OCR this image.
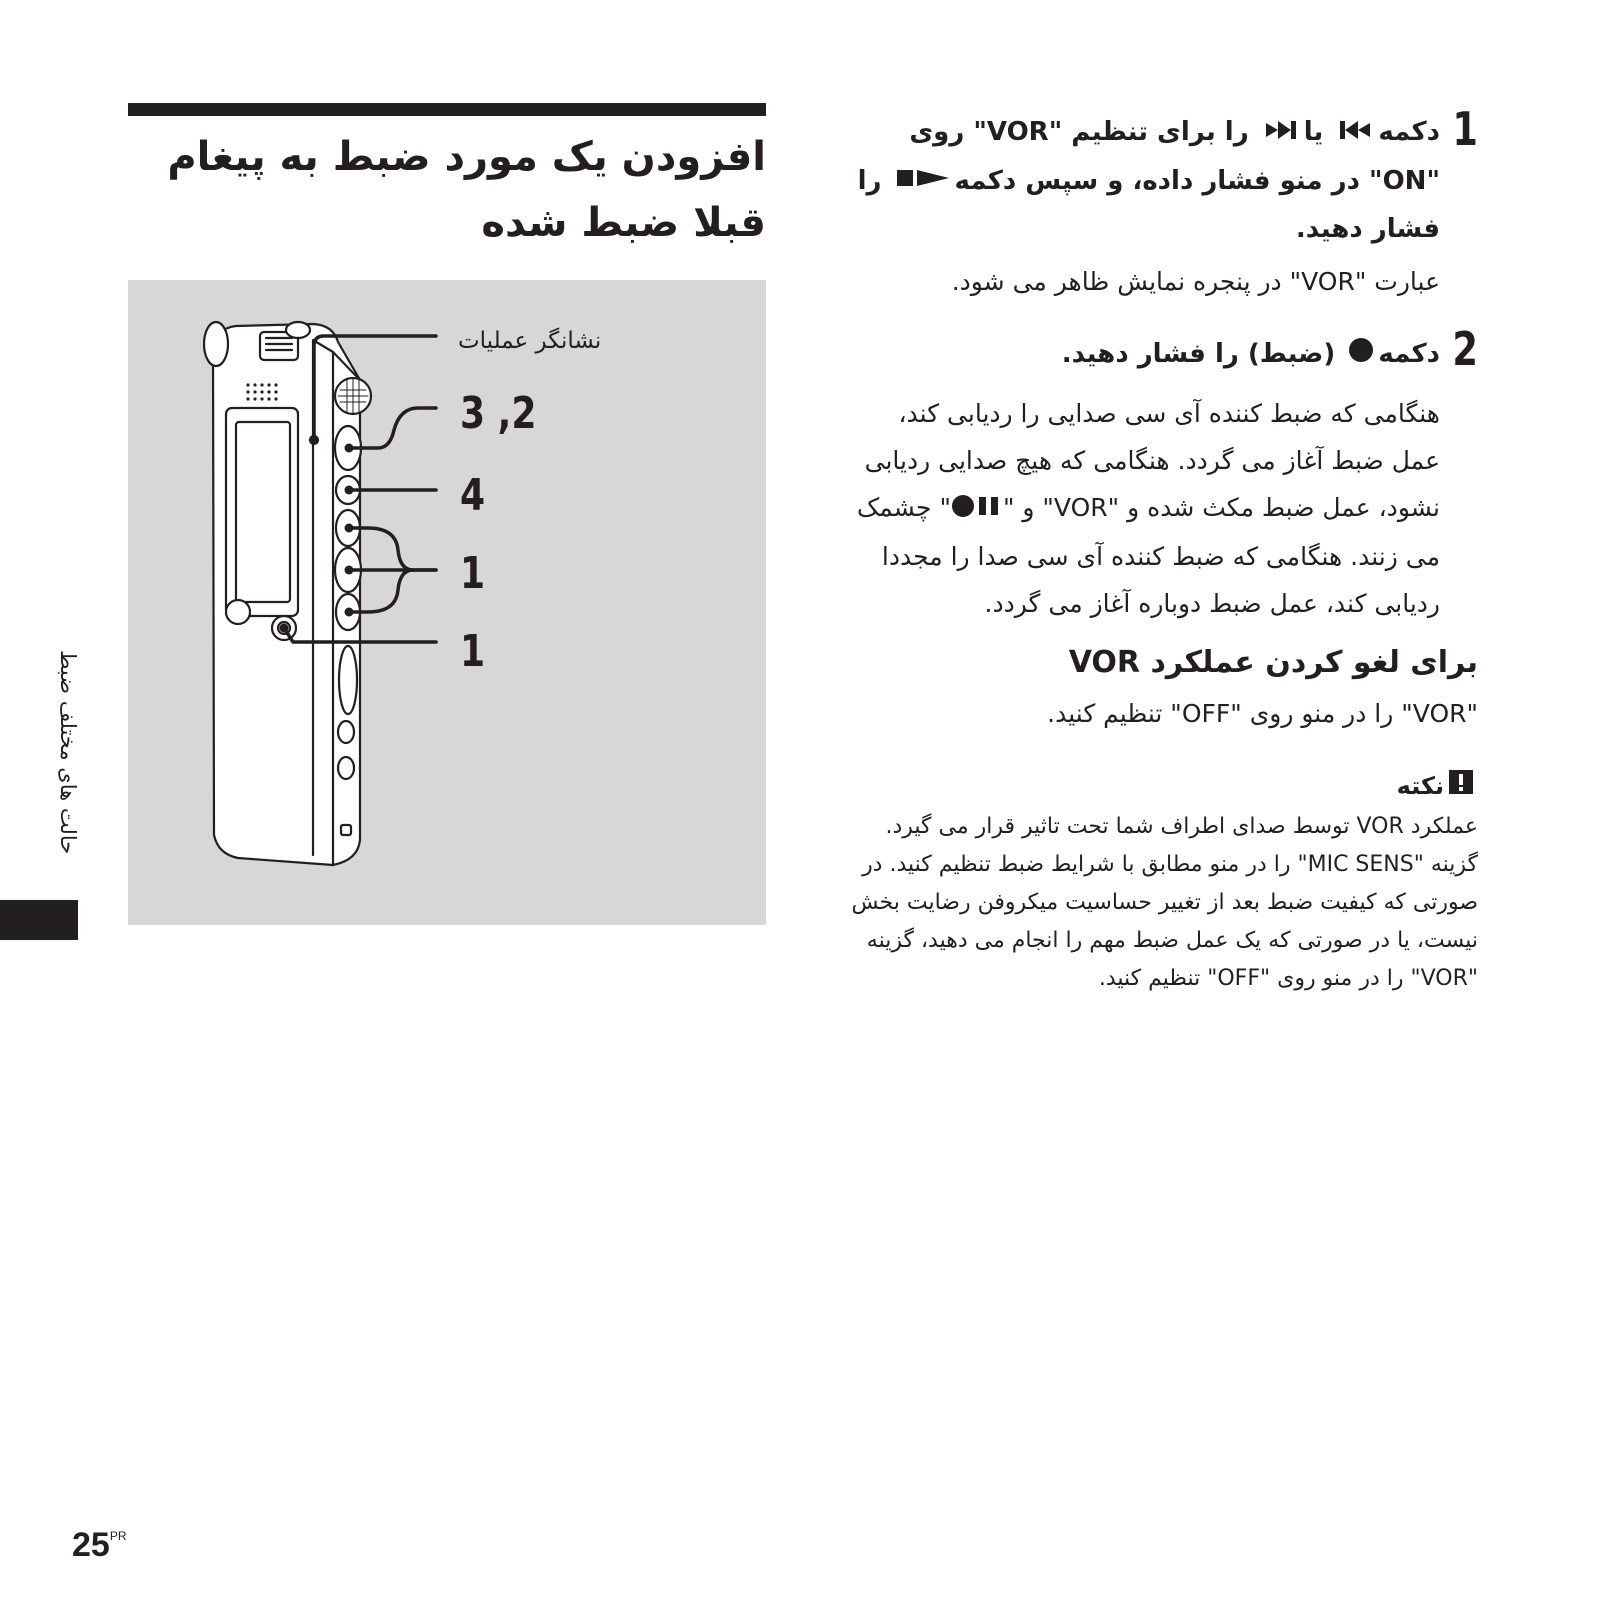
افزودن یک مورد ضبط به پیغام قبلا ضبط شده
نشانگر عملیات
3 ,2
4
1
1
حالت های مختلف ضبط
1

دکمه یا را برای تنظیم "VOR" روی "ON" در منو فشار داده، و سپس دکمه را فشار دهید.

عبارت "VOR" در پنجره نمایش ظاهر می شود.

2

دکمه (ضبط) را فشار دهید.

هنگامی که ضبط کننده آی سی صدایی را ردیابی کند، عمل ضبط آغاز می گردد. هنگامی که هیچ صدایی ردیابی نشود، عمل ضبط مکث شده و "VOR" و "" چشمک می زنند. هنگامی که ضبط کننده آی سی صدا را مجددا ردیابی کند، عمل ضبط دوباره آغاز می گردد.

برای لغو کردن عملکرد VOR

"VOR" را در منو روی "OFF" تنظیم کنید.

نکته

عملکرد VOR توسط صدای اطراف شما تحت تاثیر قرار می گیرد. گزینه "MIC SENS" را در منو مطابق با شرایط ضبط تنظیم کنید. در صورتی که کیفیت ضبط بعد از تغییر حساسیت میکروفن رضایت بخش نیست، یا در صورتی که یک عمل ضبط مهم را انجام می دهید، گزینه "VOR" را در منو روی "OFF" تنظیم کنید.

$25^{PR}$
